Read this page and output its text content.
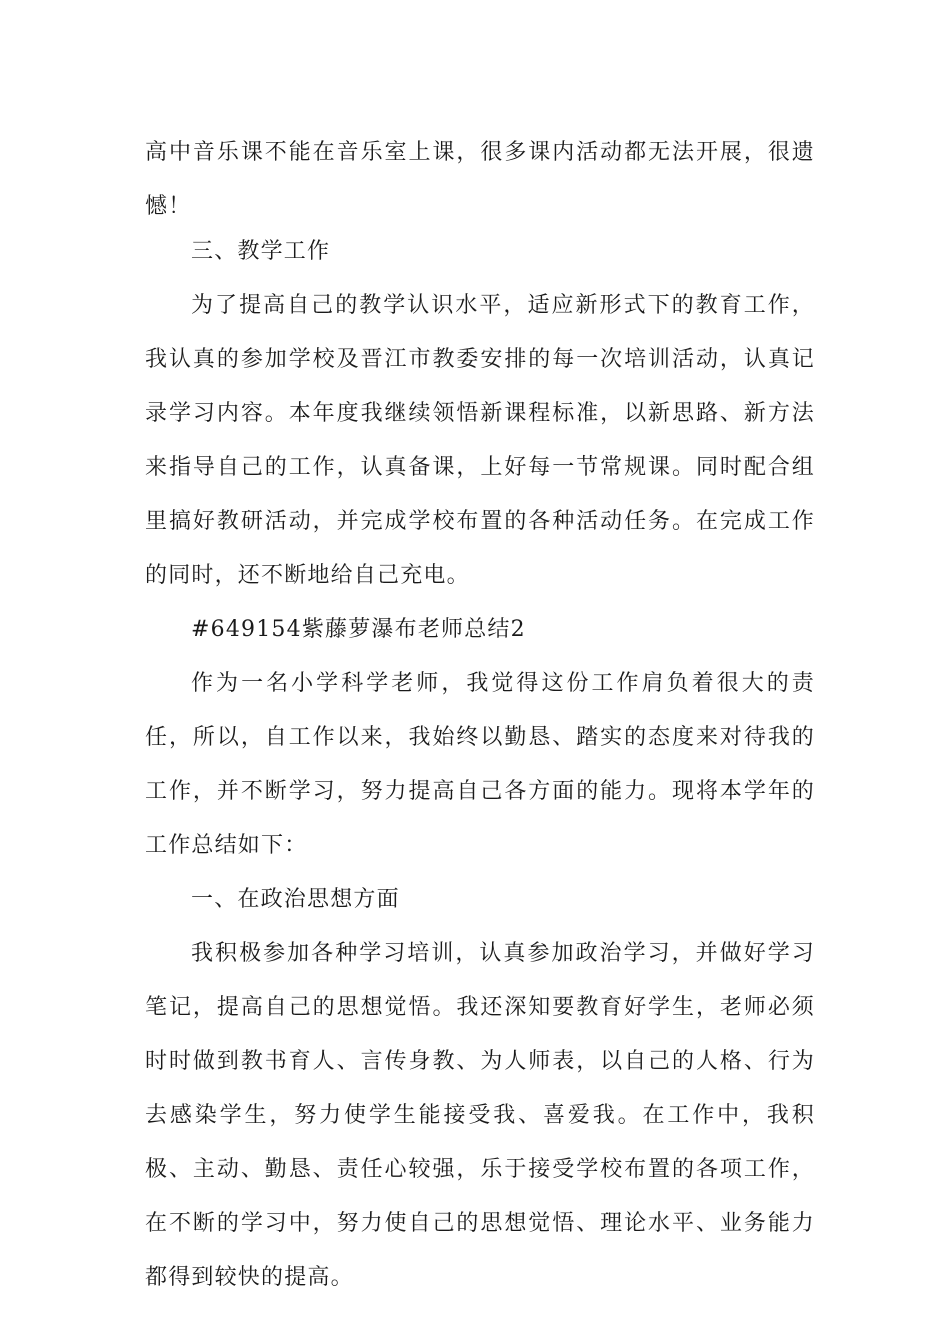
高中音乐课不能在音乐室上课，很多课内活动都无法开展，很遗憾！

三、教学工作

为了提高自己的教学认识水平，适应新形式下的教育工作，我认真的参加学校及晋江市教委安排的每一次培训活动，认真记录学习内容。本年度我继续领悟新课程标准，以新思路、新方法来指导自己的工作，认真备课，上好每一节常规课。同时配合组里搞好教研活动，并完成学校布置的各种活动任务。在完成工作的同时，还不断地给自己充电。

#649154紫藤萝瀑布老师总结2

作为一名小学科学老师，我觉得这份工作肩负着很大的责任，所以，自工作以来，我始终以勤恳、踏实的态度来对待我的工作，并不断学习，努力提高自己各方面的能力。现将本学年的工作总结如下：

一、在政治思想方面

我积极参加各种学习培训，认真参加政治学习，并做好学习笔记，提高自己的思想觉悟。我还深知要教育好学生，老师必须时时做到教书育人、言传身教、为人师表，以自己的人格、行为去感染学生，努力使学生能接受我、喜爱我。在工作中，我积极、主动、勤恳、责任心较强，乐于接受学校布置的各项工作，在不断的学习中，努力使自己的思想觉悟、理论水平、业务能力都得到较快的提高。
